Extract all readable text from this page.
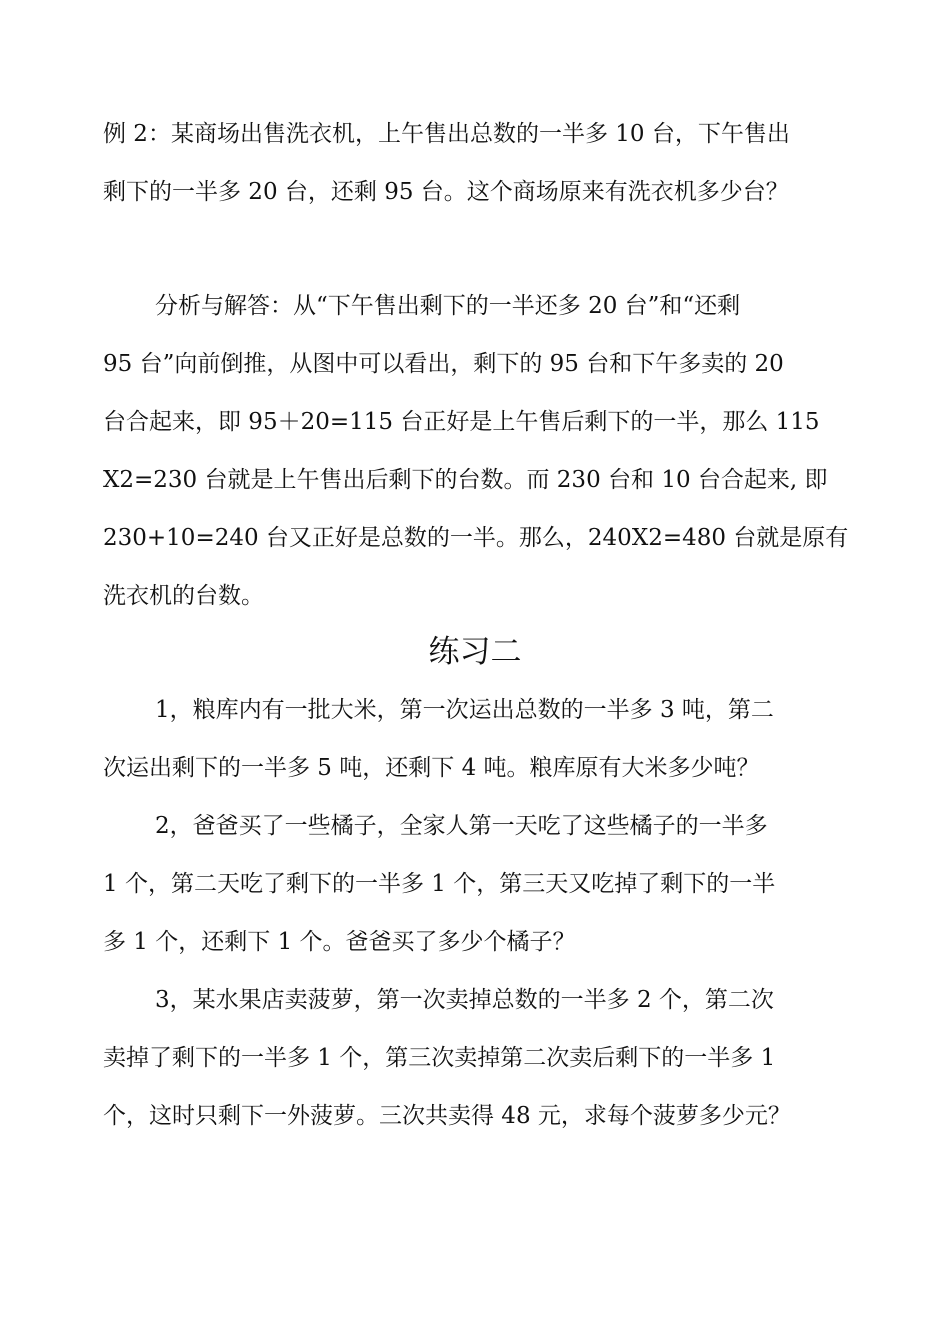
例 2：某商场出售洗衣机，上午售出总数的一半多 10 台，下午售出
剩下的一半多 20 台，还剩 95 台。这个商场原来有洗衣机多少台？
分析与解答：从“下午售出剩下的一半还多 20 台”和“还剩
95 台”向前倒推，从图中可以看出，剩下的 95 台和下午多卖的 20
台合起来，即 95＋20=115 台正好是上午售后剩下的一半，那么 115
X2=230 台就是上午售出后剩下的台数。而 230 台和 10 台合起来, 即
230+10=240 台又正好是总数的一半。那么，240X2=480 台就是原有
洗衣机的台数。
练习二
1，粮库内有一批大米，第一次运出总数的一半多 3 吨，第二
次运出剩下的一半多 5 吨，还剩下 4 吨。粮库原有大米多少吨？
2，爸爸买了一些橘子，全家人第一天吃了这些橘子的一半多
1 个，第二天吃了剩下的一半多 1 个，第三天又吃掉了剩下的一半
多 1 个，还剩下 1 个。爸爸买了多少个橘子？
3，某水果店卖菠萝，第一次卖掉总数的一半多 2 个，第二次
卖掉了剩下的一半多 1 个，第三次卖掉第二次卖后剩下的一半多 1
个，这时只剩下一外菠萝。三次共卖得 48 元，求每个菠萝多少元？
